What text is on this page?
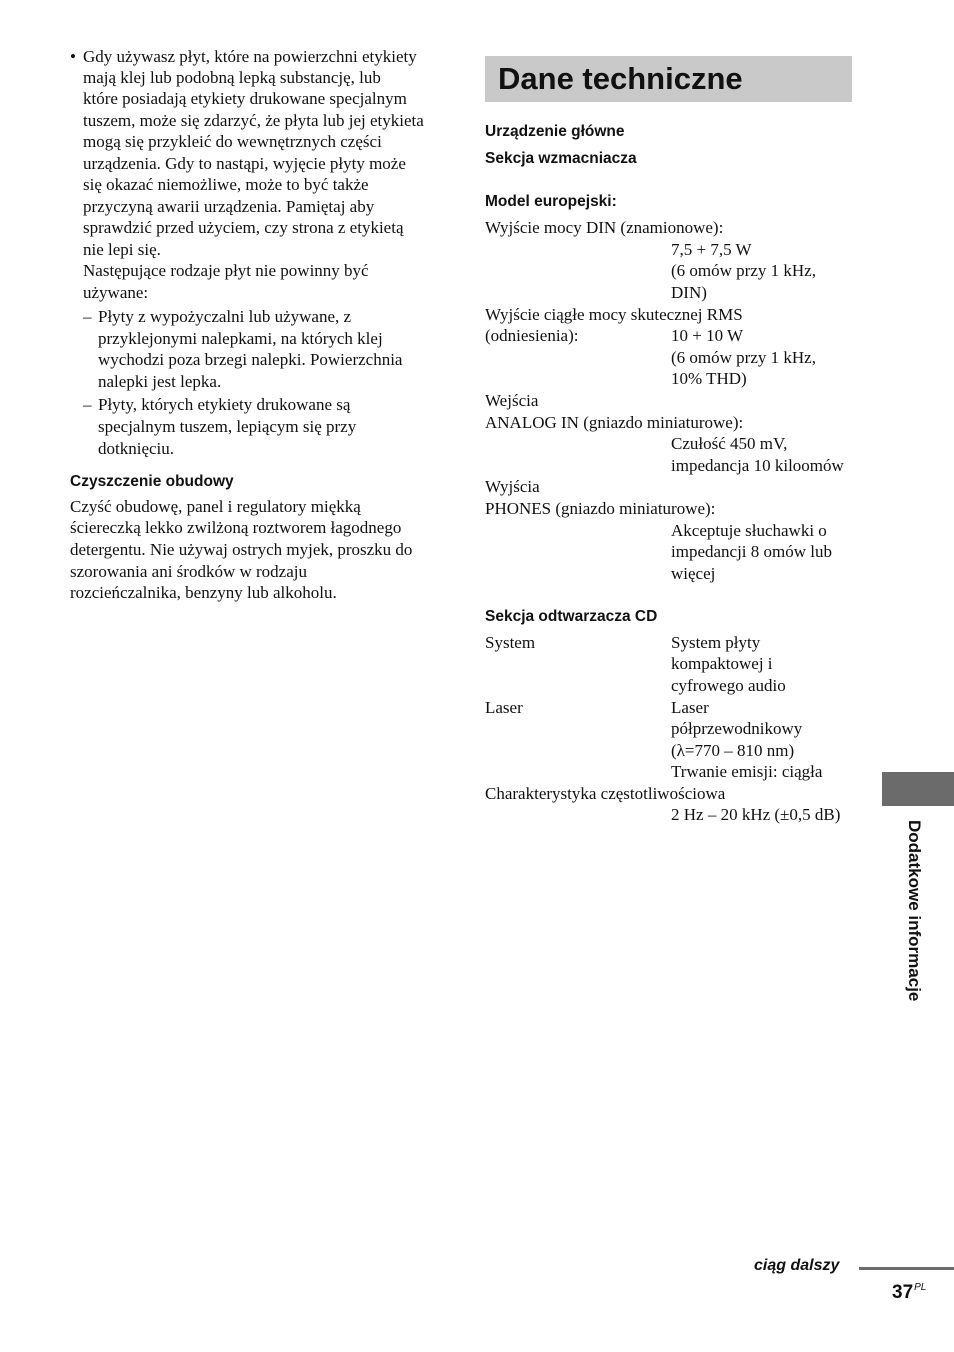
• Gdy używasz płyt, które na powierzchni etykiety
mają klej lub podobną lepką substancję, lub
które posiadają etykiety drukowane specjalnym
tuszem, może się zdarzyć, że płyta lub jej etykieta
mogą się przykleić do wewnętrznych części
urządzenia. Gdy to nastąpi, wyjęcie płyty może
się okazać niemożliwe, może to być także
przyczyną awarii urządzenia. Pamiętaj aby
sprawdzić przed użyciem, czy strona z etykietą
nie lepi się.
Następujące rodzaje płyt nie powinny być
używane:
– Płyty z wypożyczalni lub używane, z
przyklejonymi nalepkami, na których klej
wychodzi poza brzegi nalepki. Powierzchnia
nalepki jest lepka.
– Płyty, których etykiety drukowane są
specjalnym tuszem, lepiącym się przy
dotknięciu.
Czyszczenie obudowy
Czyść obudowę, panel i regulatory miękką
ściereczką lekko zwilżoną roztworem łagodnego
detergentu. Nie używaj ostrych myjek, proszku do
szorowania ani środków w rodzaju
rozcieńczalnika, benzyny lub alkoholu.
Dane techniczne
Urządzenie główne
Sekcja wzmacniacza
Model europejski:
Wyjście mocy DIN (znamionowe):
7,5 + 7,5 W
(6 omów przy 1 kHz,
DIN)
Wyjście ciągłe mocy skutecznej RMS
(odniesienia):	10 + 10 W
(6 omów przy 1 kHz,
10% THD)
Wejścia
ANALOG IN (gniazdo miniaturowe):
Czułość 450 mV,
impedancja 10 kiloomów
Wyjścia
PHONES (gniazdo miniaturowe):
Akceptuje słuchawki o
impedancji 8 omów lub
więcej
Sekcja odtwarzacza CD
System	System płyty
kompaktowej i
cyfrowego audio
Laser	Laser
półprzewodnikowy
(λ=770 – 810 nm)
Trwanie emisji: ciągła
Charakterystyka częstotliwościowa
2 Hz – 20 kHz (±0,5 dB)
Dodatkowe informacje
ciąg dalszy
$37^{PL}$
